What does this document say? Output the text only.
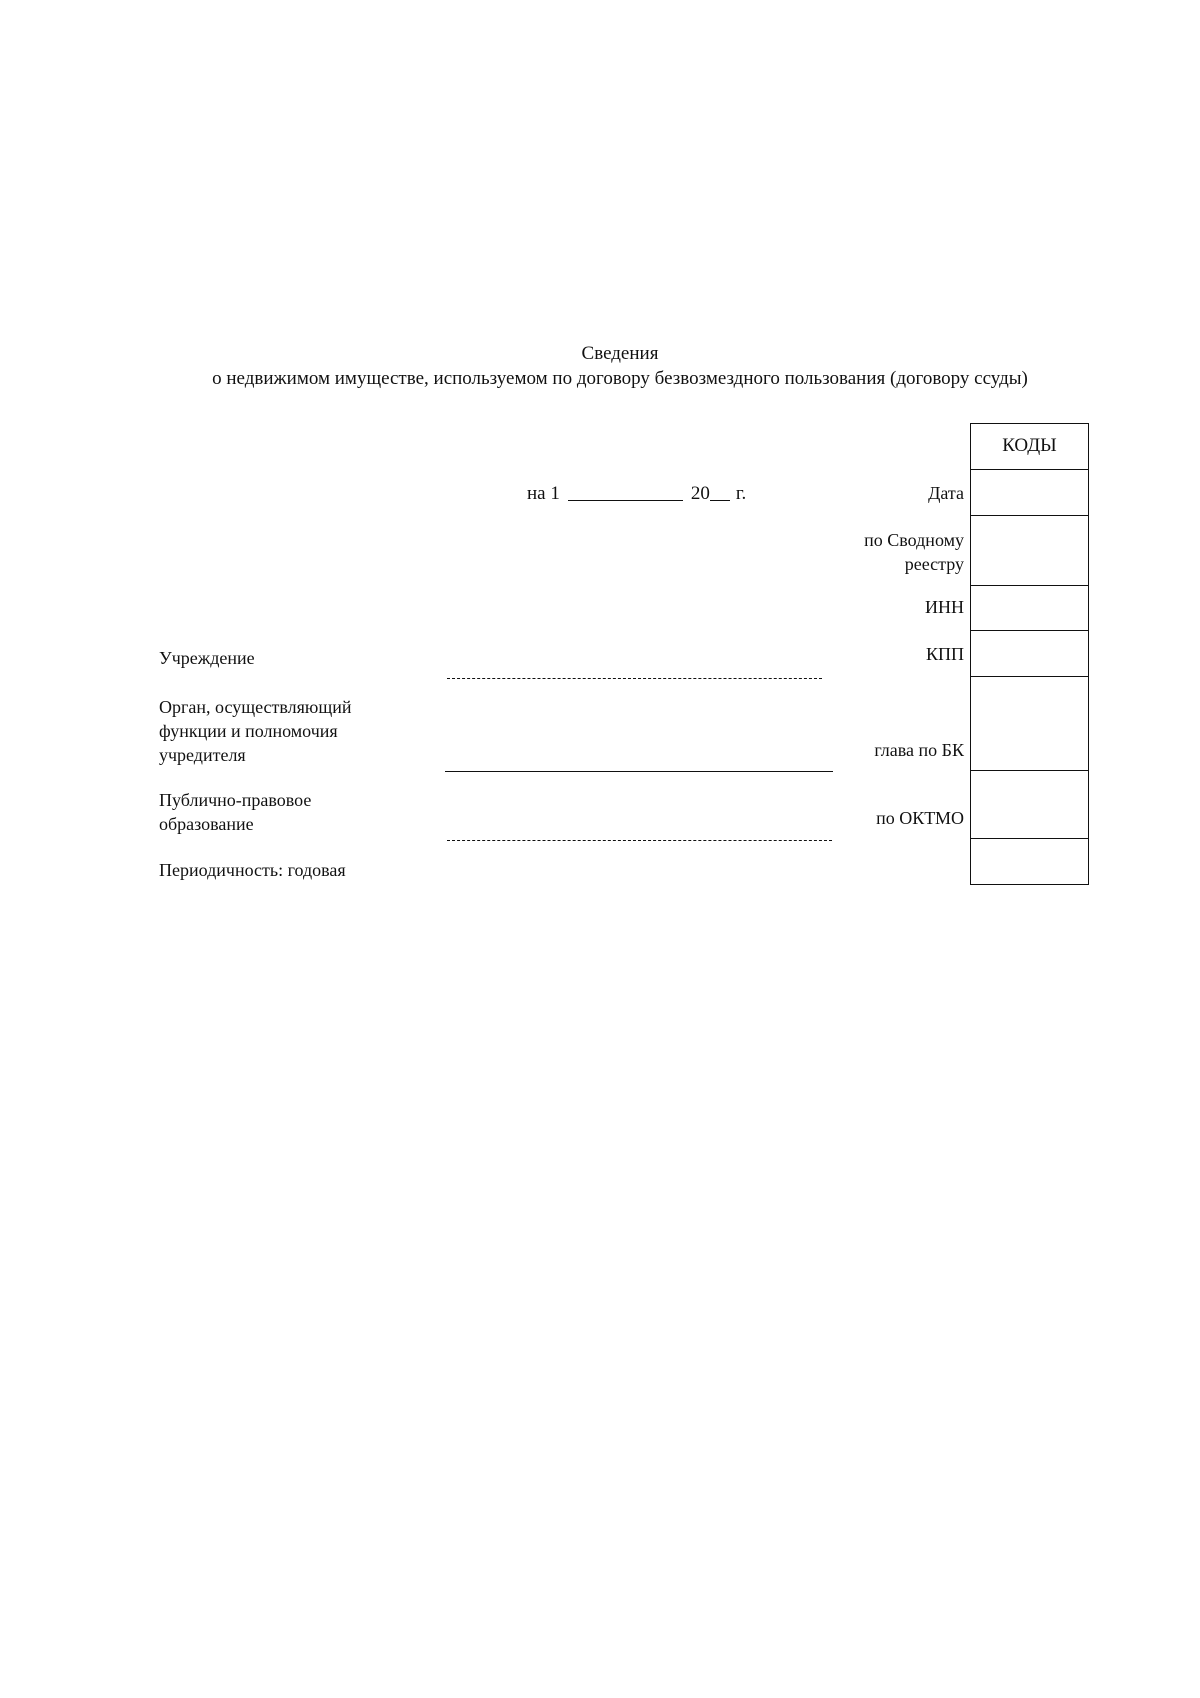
Сведения
о недвижимом имуществе, используемом по договору безвозмездного пользования (договору ссуды)
на 1	20 г.
Учреждение
Орган, осуществляющий
функции и полномочия
учредителя
Публично-правовое
образование
Периодичность: годовая
Дата
по Сводному
реестру
ИНН
КПП
глава по БК
по ОКТМО
КОДЫ
